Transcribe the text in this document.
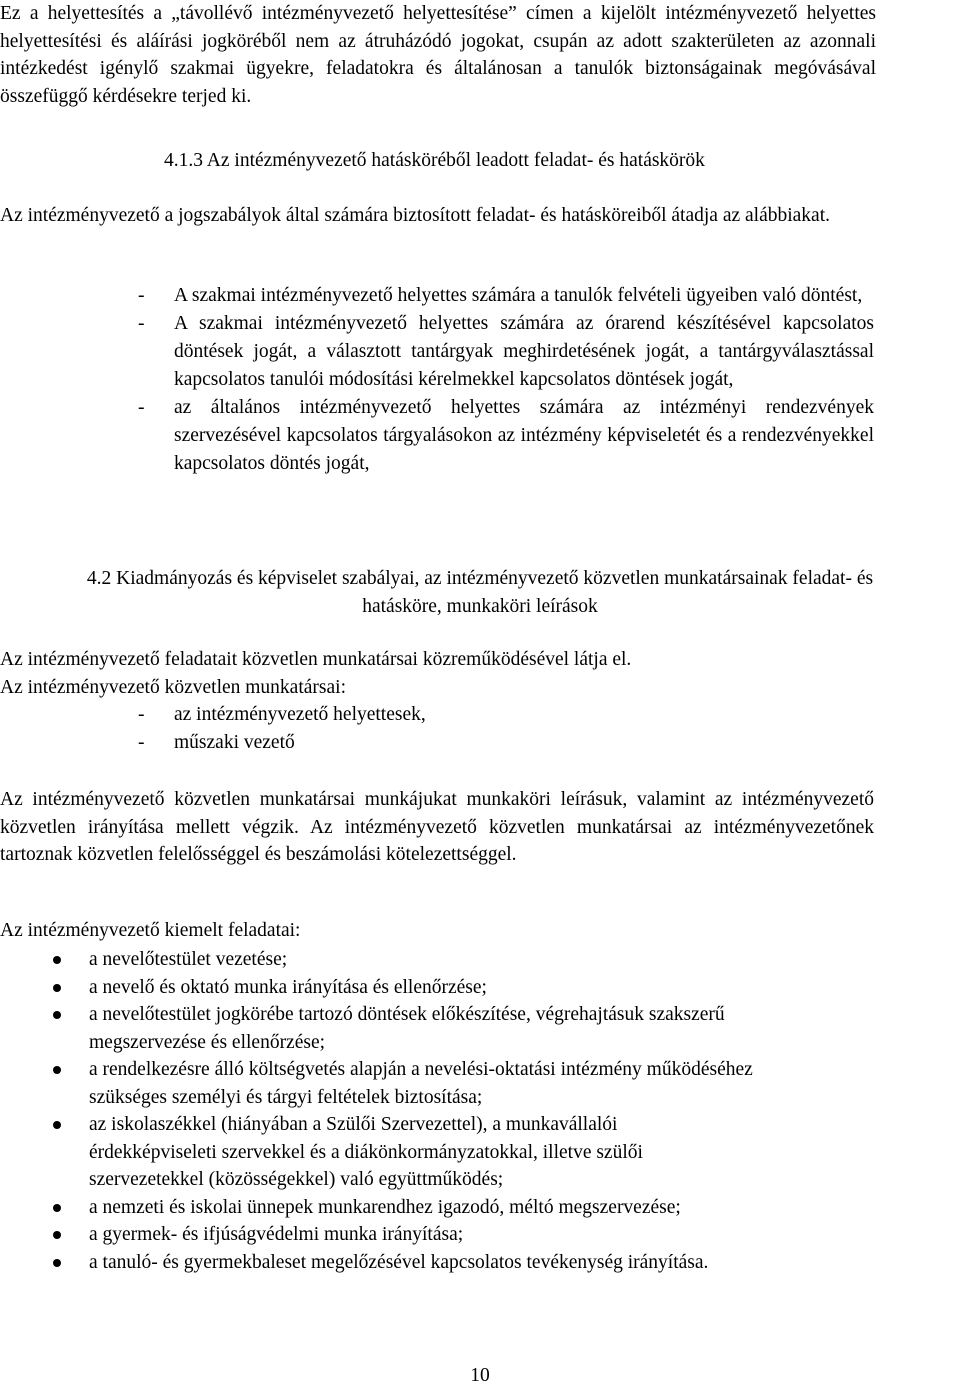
Ez a helyettesítés a „távollévő intézményvezető helyettesítése” címen a kijelölt intézményvezető helyettes helyettesítési és aláírási jogköréből nem az átruházódó jogokat, csupán az adott szakterületen az azonnali intézkedést igénylő szakmai ügyekre, feladatokra és általánosan a tanulók biztonságainak megóvásával összefüggő kérdésekre terjed ki.

4.1.3 Az intézményvezető hatásköréből leadott feladat- és hatáskörök

Az intézményvezető a jogszabályok által számára biztosított feladat- és hatásköreiből átadja az alábbiakat.

- A szakmai intézményvezető helyettes számára a tanulók felvételi ügyeiben való döntést,
- A szakmai intézményvezető helyettes számára az órarend készítésével kapcsolatos döntések jogát, a választott tantárgyak meghirdetésének jogát, a tantárgyválasztással kapcsolatos tanulói módosítási kérelmekkel kapcsolatos döntések jogát,
- az általános intézményvezető helyettes számára az intézményi rendezvények szervezésével kapcsolatos tárgyalásokon az intézmény képviseletét és a rendezvényekkel kapcsolatos döntés jogát,
4.2 Kiadmányozás és képviselet szabályai, az intézményvezető közvetlen munkatársainak feladat- és
hatásköre, munkaköri leírások

Az intézményvezető feladatait közvetlen munkatársai közreműködésével látja el.

Az intézményvezető közvetlen munkatársai:

- az intézményvezető helyettesek,
- műszaki vezető

Az intézményvezető közvetlen munkatársai munkájukat munkaköri leírásuk, valamint az intézményvezető közvetlen irányítása mellett végzik. Az intézményvezető közvetlen munkatársai az intézményvezetőnek tartoznak közvetlen felelősséggel és beszámolási kötelezettséggel.

Az intézményvezető kiemelt feladatai:

a nevelőtestület vezetése;
a nevelő és oktató munka irányítása és ellenőrzése;
a nevelőtestület jogkörébe tartozó döntések előkészítése, végrehajtásuk szakszerű megszervezése és ellenőrzése;
a rendelkezésre álló költségvetés alapján a nevelési-oktatási intézmény működéséhez szükséges személyi és tárgyi feltételek biztosítása;
az iskolaszékkel (hiányában a Szülői Szervezettel), a munkavállalói érdekképviseleti szervekkel és a diákönkormányzatokkal, illetve szülői szervezetekkel (közösségekkel) való együttműködés;
a nemzeti és iskolai ünnepek munkarendhez igazodó, méltó megszervezése;
a gyermek- és ifjúságvédelmi munka irányítása;
a tanuló- és gyermekbaleset megelőzésével kapcsolatos tevékenység irányítása.
10
